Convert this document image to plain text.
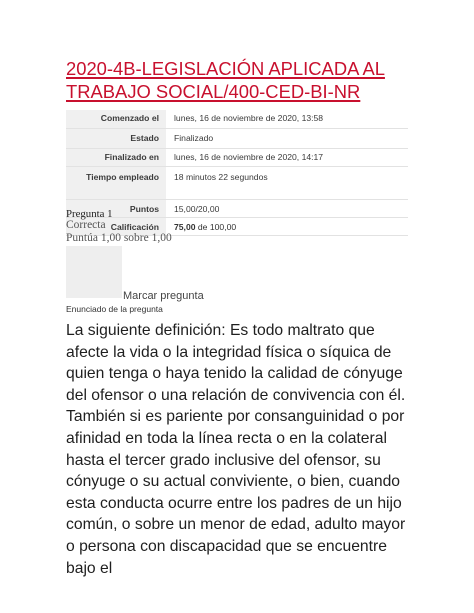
2020-4B-LEGISLACIÓN APLICADA AL TRABAJO SOCIAL/400-CED-BI-NR
Comenzado el	lunes, 16 de noviembre de 2020, 13:58
Estado	Finalizado
Finalizado en	lunes, 16 de noviembre de 2020, 14:17
Tiempo empleado	18 minutos 22 segundos
Puntos	15,00/20,00
Calificación	75,00 de 100,00
Pregunta 1
Correcta
Puntúa 1,00 sobre 1,00
Marcar pregunta
Enunciado de la pregunta

La siguiente definición: Es todo maltrato que afecte la vida o la integridad física o síquica de quien tenga o haya tenido la calidad de cónyuge del ofensor o una relación de convivencia con él. También si es pariente por consanguinidad o por afinidad en toda la línea recta o en la colateral hasta el tercer grado inclusive del ofensor, su cónyuge o su actual conviviente, o bien, cuando esta conducta ocurre entre los padres de un hijo común, o sobre un menor de edad, adulto mayor o persona con discapacidad que se encuentre bajo el
